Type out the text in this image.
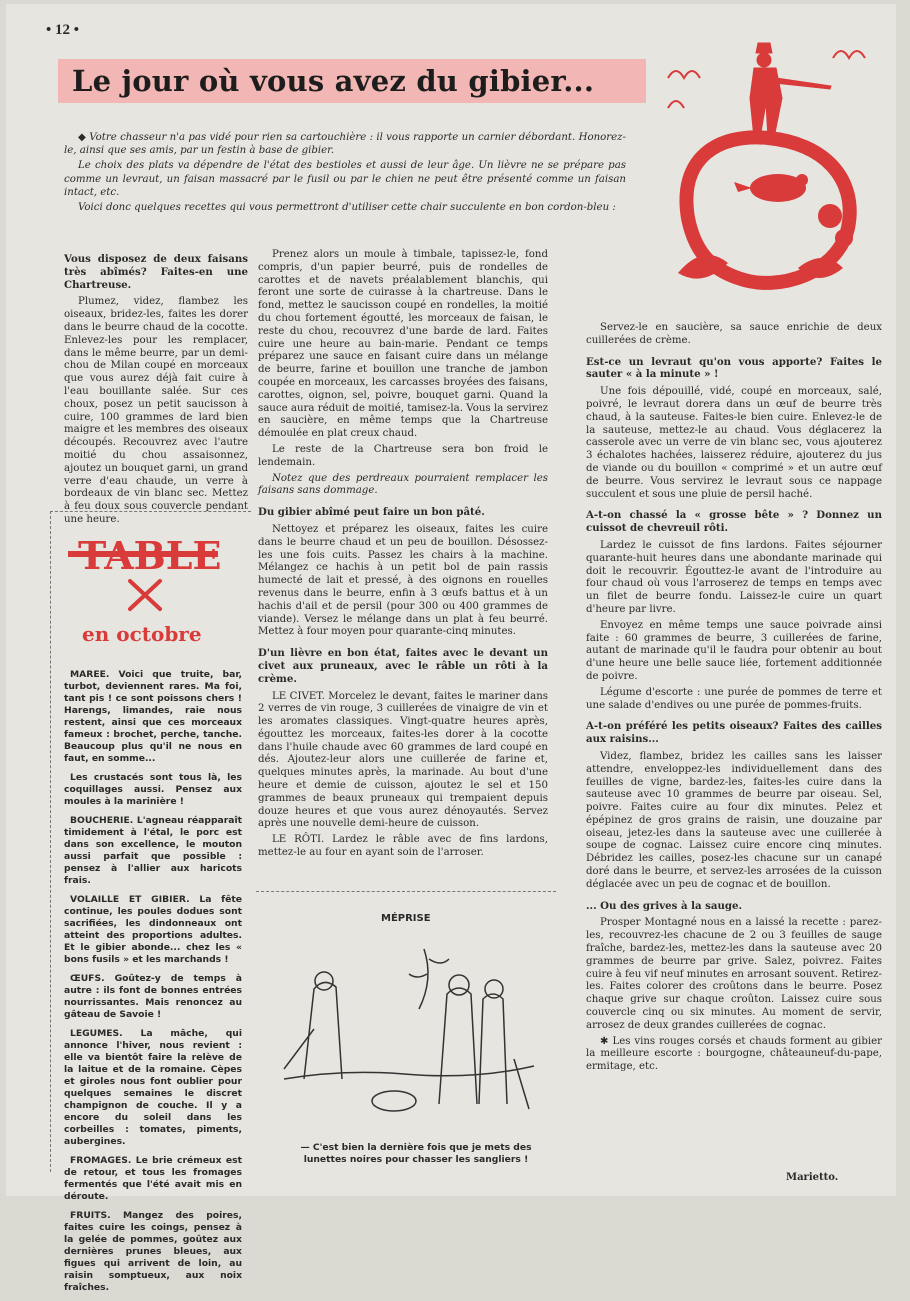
• 12 •
Le jour où vous avez du gibier...

◆ Votre chasseur n'a pas vidé pour rien sa cartouchière : il vous rapporte un carnier débordant. Honorez-le, ainsi que ses amis, par un festin à base de gibier.

Le choix des plats va dépendre de l'état des bestioles et aussi de leur âge. Un lièvre ne se prépare pas comme un levraut, un faisan massacré par le fusil ou par le chien ne peut être présenté comme un faisan intact, etc.

Voici donc quelques recettes qui vous permettront d'utiliser cette chair succulente en bon cordon-bleu :

Vous disposez de deux faisans très abîmés? Faites-en une Chartreuse.

Plumez, videz, flambez les oiseaux, bridez-les, faites les dorer dans le beurre chaud de la cocotte. Enlevez-les pour les remplacer, dans le même beurre, par un demi-chou de Milan coupé en morceaux que vous aurez déjà fait cuire à l'eau bouillante salée. Sur ces choux, posez un petit saucisson à cuire, 100 grammes de lard bien maigre et les membres des oiseaux découpés. Recouvrez avec l'autre moitié du chou assaisonnez, ajoutez un bouquet garni, un grand verre d'eau chaude, un verre à bordeaux de vin blanc sec. Mettez à feu doux sous couvercle pendant une heure.

Prenez alors un moule à timbale, tapissez-le, fond compris, d'un papier beurré, puis de rondelles de carottes et de navets préalablement blanchis, qui feront une sorte de cuirasse à la chartreuse. Dans le fond, mettez le saucisson coupé en rondelles, la moitié du chou fortement égoutté, les morceaux de faisan, le reste du chou, recouvrez d'une barde de lard. Faites cuire une heure au bain-marie. Pendant ce temps préparez une sauce en faisant cuire dans un mélange de beurre, farine et bouillon une tranche de jambon coupée en morceaux, les carcasses broyées des faisans, carottes, oignon, sel, poivre, bouquet garni. Quand la sauce aura réduit de moitié, tamisez-la. Vous la servirez en saucière, en même temps que la Chartreuse démoulée en plat creux chaud.

Le reste de la Chartreuse sera bon froid le lendemain.

Notez que des perdreaux pourraient remplacer les faisans sans dommage.

Du gibier abîmé peut faire un bon pâté.

Nettoyez et préparez les oiseaux, faites les cuire dans le beurre chaud et un peu de bouillon. Désossez-les une fois cuits. Passez les chairs à la machine. Mélangez ce hachis à un petit bol de pain rassis humecté de lait et pressé, à des oignons en rouelles revenus dans le beurre, enfin à 3 œufs battus et à un hachis d'ail et de persil (pour 300 ou 400 grammes de viande). Versez le mélange dans un plat à feu beurré. Mettez à four moyen pour quarante-cinq minutes.

D'un lièvre en bon état, faites avec le devant un civet aux pruneaux, avec le râble un rôti à la crème.

LE CIVET. Morcelez le devant, faites le mariner dans 2 verres de vin rouge, 3 cuillerées de vinaigre de vin et les aromates classiques. Vingt-quatre heures après, égouttez les morceaux, faites-les dorer à la cocotte dans l'huile chaude avec 60 grammes de lard coupé en dés. Ajoutez-leur alors une cuillerée de farine et, quelques minutes après, la marinade. Au bout d'une heure et demie de cuisson, ajoutez le sel et 150 grammes de beaux pruneaux qui trempaient depuis douze heures et que vous aurez dénoyautés. Servez après une nouvelle demi-heure de cuisson.

LE RÔTI. Lardez le râble avec de fins lardons, mettez-le au four en ayant soin de l'arroser.

Servez-le en saucière, sa sauce enrichie de deux cuillerées de crème.

Est-ce un levraut qu'on vous apporte? Faites le sauter « à la minute » !

Une fois dépouillé, vidé, coupé en morceaux, salé, poivré, le levraut dorera dans un œuf de beurre très chaud, à la sauteuse. Faites-le bien cuire. Enlevez-le de la sauteuse, mettez-le au chaud. Vous déglacerez la casserole avec un verre de vin blanc sec, vous ajouterez 3 échalotes hachées, laisserez réduire, ajouterez du jus de viande ou du bouillon « comprimé » et un autre œuf de beurre. Vous servirez le levraut sous ce nappage succulent et sous une pluie de persil haché.

A-t-on chassé la « grosse bête » ? Donnez un cuissot de chevreuil rôti.

Lardez le cuissot de fins lardons. Faites séjourner quarante-huit heures dans une abondante marinade qui doit le recouvrir. Égouttez-le avant de l'introduire au four chaud où vous l'arroserez de temps en temps avec un filet de beurre fondu. Laissez-le cuire un quart d'heure par livre.

Envoyez en même temps une sauce poivrade ainsi faite : 60 grammes de beurre, 3 cuillerées de farine, autant de marinade qu'il le faudra pour obtenir au bout d'une heure une belle sauce liée, fortement additionnée de poivre.

Légume d'escorte : une purée de pommes de terre et une salade d'endives ou une purée de pommes-fruits.

A-t-on préféré les petits oiseaux? Faites des cailles aux raisins...

Videz, flambez, bridez les cailles sans les laisser attendre, enveloppez-les individuellement dans des feuilles de vigne, bardez-les, faites-les cuire dans la sauteuse avec 10 grammes de beurre par oiseau. Sel, poivre. Faites cuire au four dix minutes. Pelez et épépinez de gros grains de raisin, une douzaine par oiseau, jetez-les dans la sauteuse avec une cuillerée à soupe de cognac. Laissez cuire encore cinq minutes. Débridez les cailles, posez-les chacune sur un canapé doré dans le beurre, et servez-les arrosées de la cuisson déglacée avec un peu de cognac et de bouillon.

... Ou des grives à la sauge.

Prosper Montagné nous en a laissé la recette : parez-les, recouvrez-les chacune de 2 ou 3 feuilles de sauge fraîche, bardez-les, mettez-les dans la sauteuse avec 20 grammes de beurre par grive. Salez, poivrez. Faites cuire à feu vif neuf minutes en arrosant souvent. Retirez-les. Faites colorer des croûtons dans le beurre. Posez chaque grive sur chaque croûton. Laissez cuire sous couvercle cinq ou six minutes. Au moment de servir, arrosez de deux grandes cuillerées de cognac.

✱ Les vins rouges corsés et chauds forment au gibier la meilleure escorte : bourgogne, châteauneuf-du-pape, ermitage, etc.

TABLE
en octobre

MAREE. Voici que truite, bar, turbot, deviennent rares. Ma foi, tant pis ! ce sont poissons chers ! Harengs, limandes, raie nous restent, ainsi que ces morceaux fameux : brochet, perche, tanche. Beaucoup plus qu'il ne nous en faut, en somme...

Les crustacés sont tous là, les coquillages aussi. Pensez aux moules à la marinière !

BOUCHERIE. L'agneau réapparaît timidement à l'étal, le porc est dans son excellence, le mouton aussi parfait que possible : pensez à l'allier aux haricots frais.

VOLAILLE ET GIBIER. La fête continue, les poules dodues sont sacrifiées, les dindonneaux ont atteint des proportions adultes. Et le gibier abonde... chez les « bons fusils » et les marchands !

ŒUFS. Goûtez-y de temps à autre : ils font de bonnes entrées nourrissantes. Mais renoncez au gâteau de Savoie !

LEGUMES. La mâche, qui annonce l'hiver, nous revient : elle va bientôt faire la relève de la laitue et de la romaine. Cèpes et giroles nous font oublier pour quelques semaines le discret champignon de couche. Il y a encore du soleil dans les corbeilles : tomates, piments, aubergines.

FROMAGES. Le brie crémeux est de retour, et tous les fromages fermentés que l'été avait mis en déroute.

FRUITS. Mangez des poires, faites cuire les coings, pensez à la gelée de pommes, goûtez aux dernières prunes bleues, aux figues qui arrivent de loin, au raisin somptueux, aux noix fraîches.

MÉPRISE
— C'est bien la dernière fois que je mets des lunettes noires pour chasser les sangliers !
Marietto.
